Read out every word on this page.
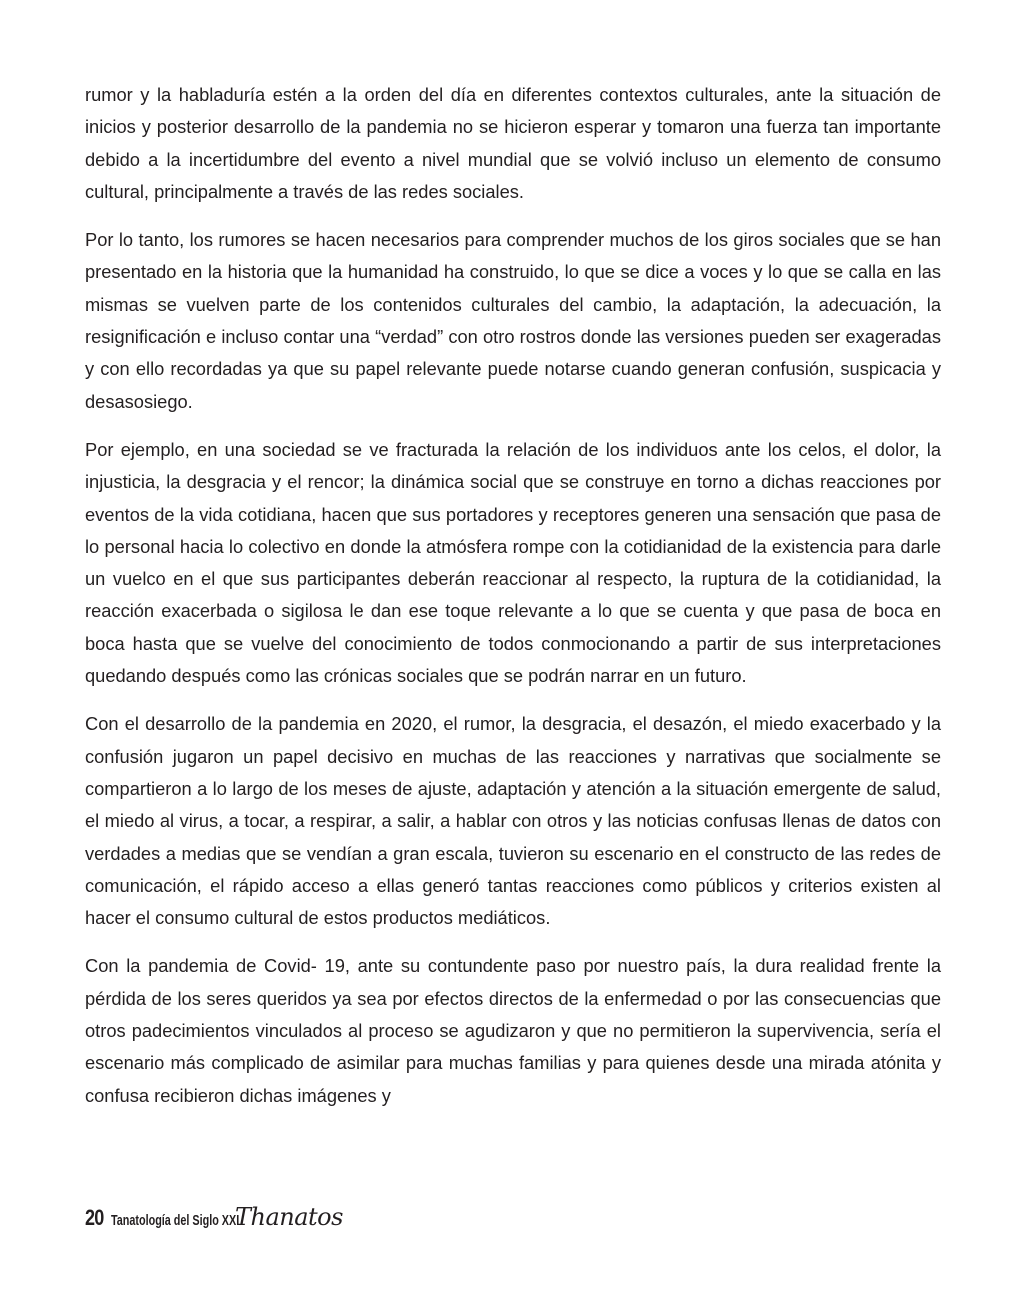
rumor y la habladuría estén a la orden del día en diferentes contextos culturales, ante la situación de inicios y posterior desarrollo de la pandemia no se hicieron esperar y tomaron una fuerza tan importante debido a la incertidumbre del evento a nivel mundial que se volvió incluso un elemento de consumo cultural, principalmente a través de las redes sociales.

Por lo tanto, los rumores se hacen necesarios para comprender muchos de los giros sociales que se han presentado en la historia que la humanidad ha construido, lo que se dice a voces y lo que se calla en las mismas se vuelven parte de los contenidos culturales del cambio, la adaptación, la adecuación, la resignificación e incluso contar una “verdad” con otro rostros donde las versiones pueden ser exageradas y con ello recordadas ya que su papel relevante puede notarse cuando generan confusión, suspicacia y desasosiego.

Por ejemplo, en una sociedad se ve fracturada la relación de los individuos ante los celos, el dolor, la injusticia, la desgracia y el rencor; la dinámica social que se construye en torno a dichas reacciones por eventos de la vida cotidiana, hacen que sus portadores y receptores generen una sensación que pasa de lo personal hacia lo colectivo en donde la atmósfera rompe con la cotidianidad de la existencia para darle un vuelco en el que sus participantes deberán reaccionar al respecto, la ruptura de la cotidianidad, la reacción exacerbada o sigilosa le dan ese toque relevante a lo que se cuenta y que pasa de boca en boca hasta que se vuelve del conocimiento de todos conmocionando a partir de sus interpretaciones quedando después como las crónicas sociales que se podrán narrar en un futuro.

Con el desarrollo de la pandemia en 2020, el rumor, la desgracia, el desazón, el miedo exacerbado y la confusión jugaron un papel decisivo en muchas de las reacciones y narrativas que socialmente se compartieron a lo largo de los meses de ajuste, adaptación y atención a la situación emergente de salud, el miedo al virus, a tocar, a respirar, a salir, a hablar con otros y las noticias confusas llenas de datos con verdades a medias que se vendían a gran escala, tuvieron su escenario en el constructo de las redes de comunicación, el rápido acceso a ellas generó tantas reacciones como públicos y criterios existen al hacer el consumo cultural de estos productos mediáticos.

Con la pandemia de Covid- 19, ante su contundente paso por nuestro país, la dura realidad frente la pérdida de los seres queridos ya sea por efectos directos de la enfermedad o por las consecuencias que otros padecimientos vinculados al proceso se agudizaron y que no permitieron la supervivencia, sería el escenario más complicado de asimilar para muchas familias y para quienes desde una mirada atónita y confusa recibieron dichas imágenes y

20 Tanatología del Siglo XXI
Thanatos
